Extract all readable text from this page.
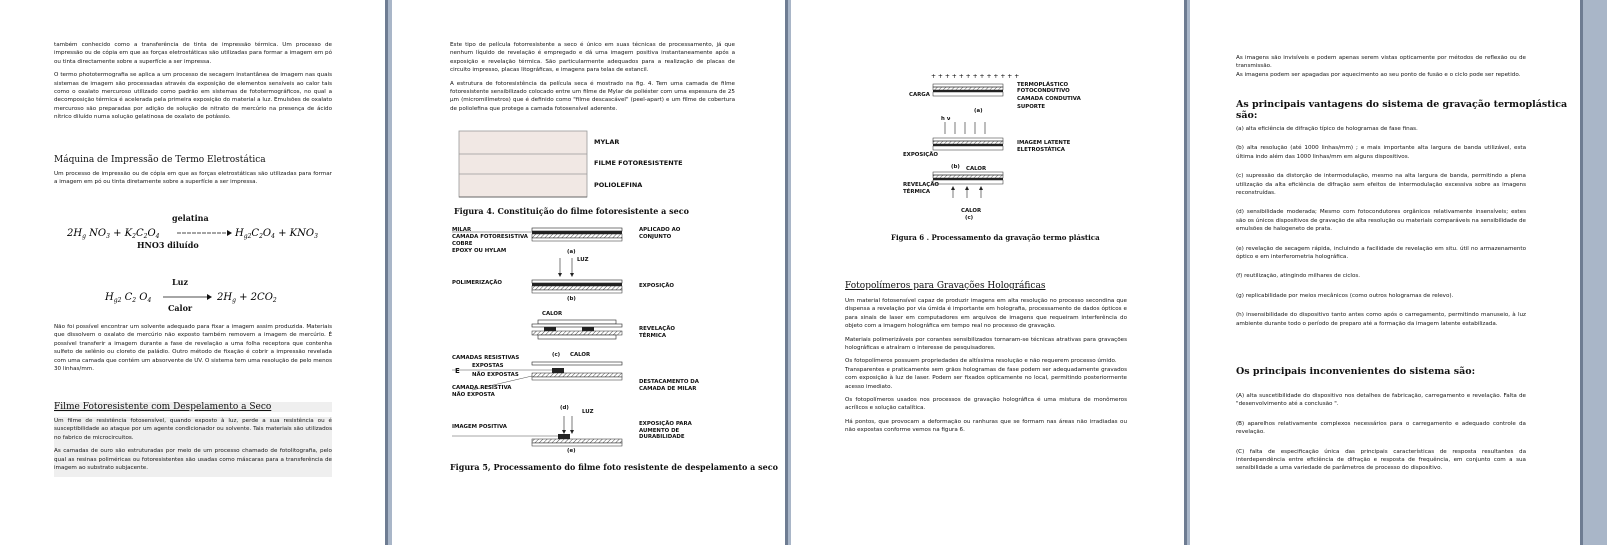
também conhecido como a transferência de tinta de impressão térmica. Um processo de impressão ou de cópia em que as forças eletrostáticas são utilizadas para formar a imagem em pó ou tinta directamente sobre a superfície a ser impressa.

O termo phototermografia se aplica a um processo de secagem instantânea de imagem nas quais sistemas de imagem são processadas através da exposição de elementos sensíveis ao calor tais como o oxalato mercuroso utilizado como padrão em sistemas de fototermográficos, no qual a decomposição térmica é acelerada pela primeira exposição do material a luz. Emulsões de oxalato mercuroso são preparadas por adição de solução de nitrato de mercúrio na presença de ácido nítrico diluído numa solução gelatinosa de oxalato de potássio.

Máquina de Impressão de Termo Eletrostática
Um processo de impressão ou de cópia em que as forças eletrostáticas são utilizadas para formar a imagem em pó ou tinta diretamente sobre a superfície a ser impressa.
gelatina
$2H_g$ $NO_3 + K_2C_2O_4$	$H_{g2}C_2O_4 + KNO_3$
HNO3 diluído
Luz
$H_{g2}$ $C_2$ $O_4$	$2H_g + 2CO_2$
Calor
Não foi possível encontrar um solvente adequado para fixar a imagem assim produzida. Materiais que dissolvem o oxalato de mercúrio não exposto também removem a imagem de mercúrio. É possível transferir a imagem durante a fase de revelação a uma folha receptora que contenha sulfeto de selênio ou cloreto de paládio. Outro método de fixação é cobrir a impressão revelada com uma camada que contém um absorvente de UV. O sistema tem uma resolução de pelo menos 30 linhas/mm.
Filme Fotoresistente com Despelamento a Seco

Um filme de resistência fotosensível, quando exposto à luz, perde a sua resistência ou é susceptibilidade ao ataque por um agente condicionador ou solvente. Tais materiais são utilizados no fabrico de microcircuitos.

As camadas de ouro são estruturadas por meio de um processo chamado de fotolitografia, pelo qual as resinas poliméricas ou fotoresistentes são usadas como máscaras para a transferência de imagem ao substrato subjacente.

Este tipo de película fotorresistente a seco é único em suas técnicas de processamento, já que nenhum líquido de revelação é empregado e dá uma imagem positiva instantaneamente após a exposição e revelação térmica. São particularmente adequados para a realização de placas de circuito impresso, placas litográficas, e imagens para telas de estancil.

A estrutura de fotoresistência da película seca é mostrado na fig. 4. Tem uma camada de filme fotoresistente sensibilizado colocado entre um filme de Mylar de poliéster com uma espessura de 25 µm (micromilímetros) que é definido como "filme descascável" (peel-apart) e um filme de cobertura de poliolefina que protege a camada fotosensível aderente.

MYLAR
FILME FOTORESISTENTE
POLIOLEFINA
Figura 4. Constituição do filme fotoresistente a seco
MILAR
CAMADA FOTORESISTIVA
COBRE
EPOXY OU HYLAM
POLIMERIZAÇÃO
CAMADAS RESISTIVAS
EXPOSTAS
E NÃO EXPOSTAS
CAMADA RESISTIVA
NÃO EXPOSTA
IMAGEM POSITIVA
APLICADO AO CONJUNTO
EXPOSIÇÃO
REVELAÇÃO TÉRMICA
DESTACAMENTO DA CAMADA DE MILAR
EXPOSIÇÃO PARA AUMENTO DE DURABILIDADE
(a)
LUZ
(b)
CALOR
(c) CALOR
(d)
LUZ
(e)
Figura 5, Processamento do filme foto resistente de despelamento a seco
+ + + + + + + + + + + + +
CARGA
TERMOPLÁSTICO
FOTOCONDUTIVO
CAMADA CONDUTIVA
SUPORTE
(a)
h ν
EXPOSIÇÃO
IMAGEM LATENTE ELETROSTÁTICA
(b) CALOR
REVELAÇÃO TÉRMICA
CALOR
(c)
Figura 6 . Processamento da gravação termo plástica
Fotopolímeros para Gravações Holográficas

Um material fotosensível capaz de produzir imagens em alta resolução no processo secondina que dispensa a revelação por via úmida é importante em holografia, processamento de dados ópticos e para sinais de laser em computadores em arquivos de imagens que requeiram interferência do objeto com a imagem holográfica em tempo real no processo de gravação.

Materiais polimerizáveis por corantes sensibilizados tornaram-se técnicas atrativas para gravações holográficas e atraíram o interesse de pesquisadores.

Os fotopolímeros possuem propriedades de altíssima resolução e não requerem processo úmido.

Transparentes e praticamente sem grãos hologramas de fase podem ser adequadamente gravados com exposição à luz de laser. Podem ser fixados opticamente no local, permitindo posteriormente acesso imediato.

Os fotopolímeros usados nos processos de gravação holográfica é uma mistura de monômeros acrílicos e solução catalítica.

Há pontos, que provocam a deformação ou ranhuras que se formam nas áreas não irradiadas ou não expostas conforme vemos na figura 6.

As imagens são invisíveis e podem apenas serem vistas opticamente por métodos de reflexão ou de transmissão.

As imagens podem ser apagadas por aquecimento ao seu ponto de fusão e o ciclo pode ser repetido.

As principais vantagens do sistema de gravação termoplástica são:

(a) alta eficiência de difração típico de hologramas de fase finas.

(b) alta resolução (até 1000 linhas/mm) ; e mais importante alta largura de banda utilizável, esta última indo além das 1000 linhas/mm em alguns dispositivos.

(c) supressão da distorção de intermodulação, mesmo na alta largura de banda, permitindo a plena utilização da alta eficiência de difração sem efeitos de intermodulação excessiva sobre as imagens reconstruídas.

(d) sensibilidade moderada; Mesmo com fotocondutores orgânicos relativamente insensíveis; estes são os únicos dispositivos de gravação de alta resolução ou materiais comparáveis na sensibilidade de emulsões de halogeneto de prata.

(e) revelação de secagem rápida, incluindo a facilidade de revelação em situ. útil no armazenamento óptico e em interferometria holográfica.

(f) reutilização, atingindo milhares de ciclos.

(g) replicabilidade por meios mecânicos (como outros hologramas de relevo).

(h) insensibilidade do dispositivo tanto antes como após o carregamento, permitindo manuseio, à luz ambiente durante todo o período de preparo até a formação da imagem latente estabilizada.

Os principais inconvenientes do sistema são:

(A) alta suscetibilidade do dispositivo nos detalhes de fabricação, carregamento e revelação. Falta de "desenvolvimento até a conclusão ".

(B) aparelhos relativamente complexos necessários para o carregamento e adequado controle da revelação.

(C) falta de especificação única das principais características de resposta resultantes da interdependência entre eficiência de difração e resposta de frequência, em conjunto com a sua sensibilidade a uma variedade de parâmetros de processo do dispositivo.
